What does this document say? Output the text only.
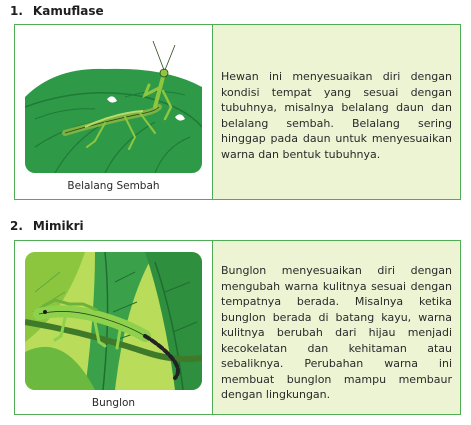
1. Kamuflase
Belalang Sembah

Hewan ini menyesuaikan diri dengan kondisi tempat yang sesuai dengan tubuhnya, misalnya belalang daun dan belalang sembah. Belalang sering hinggap pada daun untuk menyesuaikan warna dan bentuk tubuhnya.

2. Mimikri
Bunglon

Bunglon menyesuaikan diri dengan mengubah warna kulitnya sesuai dengan tempatnya berada. Misalnya ketika bunglon berada di batang kayu, warna kulitnya berubah dari hijau menjadi kecokelatan dan kehitaman atau sebaliknya. Perubahan warna ini membuat bunglon mampu membaur dengan lingkungan.
